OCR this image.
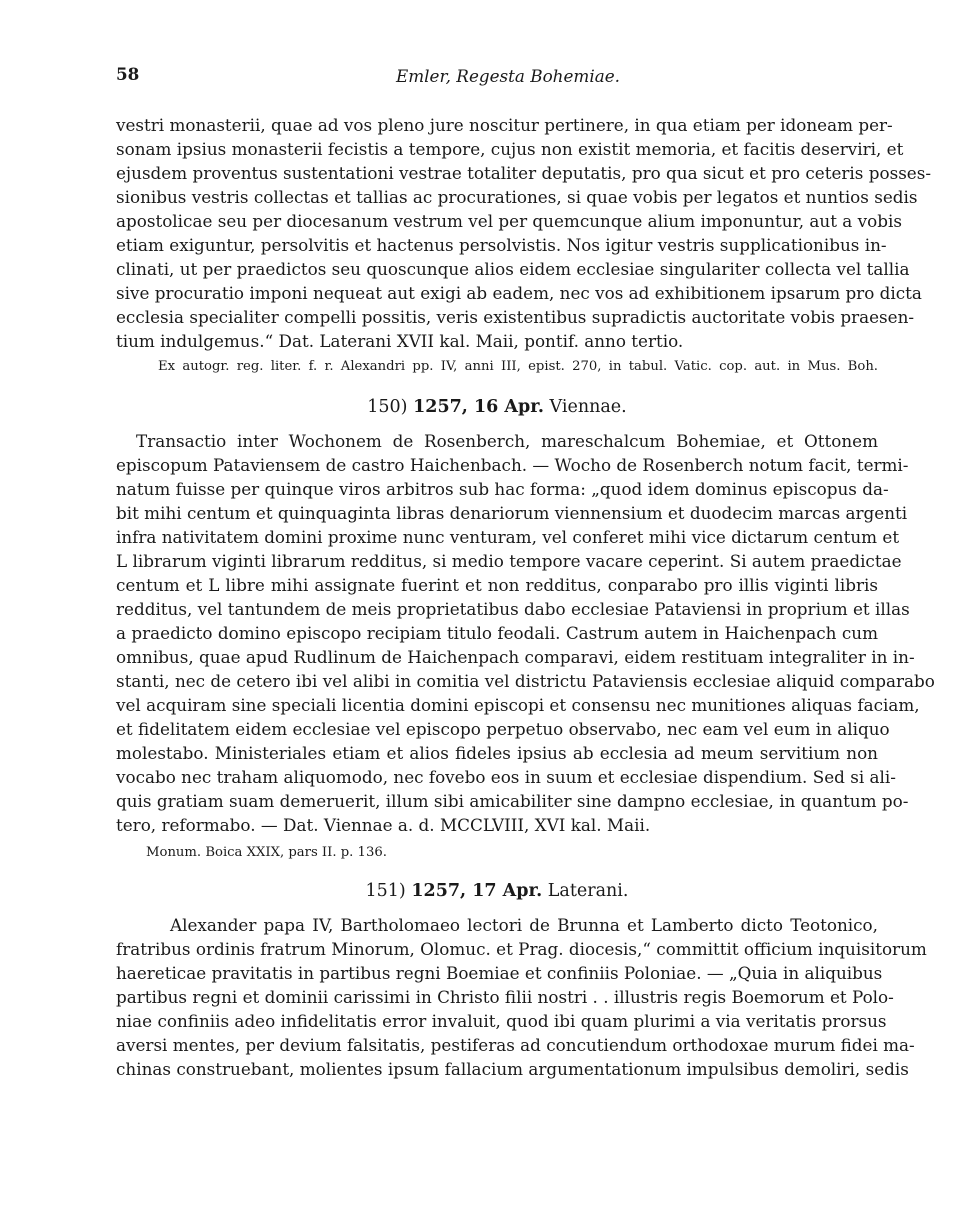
58	Emler, Regesta Bohemiae.
vestri monasterii, quae ad vos pleno jure noscitur pertinere, in qua etiam per idoneam per-
sonam ipsius monasterii fecistis a tempore, cujus non existit memoria, et facitis deserviri, et
ejusdem proventus sustentationi vestrae totaliter deputatis, pro qua sicut et pro ceteris posses-
sionibus vestris collectas et tallias ac procurationes, si quae vobis per legatos et nuntios sedis
apostolicae seu per diocesanum vestrum vel per quemcunque alium imponuntur, aut a vobis
etiam exiguntur, persolvitis et hactenus persolvistis. Nos igitur vestris supplicationibus in-
clinati, ut per praedictos seu quoscunque alios eidem ecclesiae singulariter collecta vel tallia
sive procuratio imponi nequeat aut exigi ab eadem, nec vos ad exhibitionem ipsarum pro dicta
ecclesia specialiter compelli possitis, veris existentibus supradictis auctoritate vobis praesen-
tium indulgemus.“ Dat. Laterani XVII kal. Maii, pontif. anno tertio.
Ex autogr. reg. liter. f. r. Alexandri pp. IV, anni III, epist. 270, in tabul. Vatic. cop. aut. in Mus. Boh.
150) 1257, 16 Apr. Viennae.
Transactio inter Wochonem de Rosenberch, mareschalcum Bohemiae, et Ottonem
episcopum Pataviensem de castro Haichenbach. — Wocho de Rosenberch notum facit, termi-
natum fuisse per quinque viros arbitros sub hac forma: „quod idem dominus episcopus da-
bit mihi centum et quinquaginta libras denariorum viennensium et duodecim marcas argenti
infra nativitatem domini proxime nunc venturam, vel conferet mihi vice dictarum centum et
L librarum viginti librarum redditus, si medio tempore vacare ceperint. Si autem praedictae
centum et L libre mihi assignate fuerint et non redditus, conparabo pro illis viginti libris
redditus, vel tantundem de meis proprietatibus dabo ecclesiae Pataviensi in proprium et illas
a praedicto domino episcopo recipiam titulo feodali. Castrum autem in Haichenpach cum
omnibus, quae apud Rudlinum de Haichenpach comparavi, eidem restituam integraliter in in-
stanti, nec de cetero ibi vel alibi in comitia vel districtu Pataviensis ecclesiae aliquid comparabo
vel acquiram sine speciali licentia domini episcopi et consensu nec munitiones aliquas faciam,
et fidelitatem eidem ecclesiae vel episcopo perpetuo observabo, nec eam vel eum in aliquo
molestabo. Ministeriales etiam et alios fideles ipsius ab ecclesia ad meum servitium non
vocabo nec traham aliquomodo, nec fovebo eos in suum et ecclesiae dispendium. Sed si ali-
quis gratiam suam demeruerit, illum sibi amicabiliter sine dampno ecclesiae, in quantum po-
tero, reformabo. — Dat. Viennae a. d. MCCLVIII, XVI kal. Maii.
Monum. Boica XXIX, pars II. p. 136.
151) 1257, 17 Apr. Laterani.
Alexander papa IV, Bartholomaeo lectori de Brunna et Lamberto dicto Teotonico,
fratribus ordinis fratrum Minorum, Olomuc. et Prag. diocesis,“ committit officium inquisitorum
haereticae pravitatis in partibus regni Boemiae et confiniis Poloniae. — „Quia in aliquibus
partibus regni et dominii carissimi in Christo filii nostri . . illustris regis Boemorum et Polo-
niae confiniis adeo infidelitatis error invaluit, quod ibi quam plurimi a via veritatis prorsus
aversi mentes, per devium falsitatis, pestiferas ad concutiendum orthodoxae murum fidei ma-
chinas construebant, molientes ipsum fallacium argumentationum impulsibus demoliri, sedis
